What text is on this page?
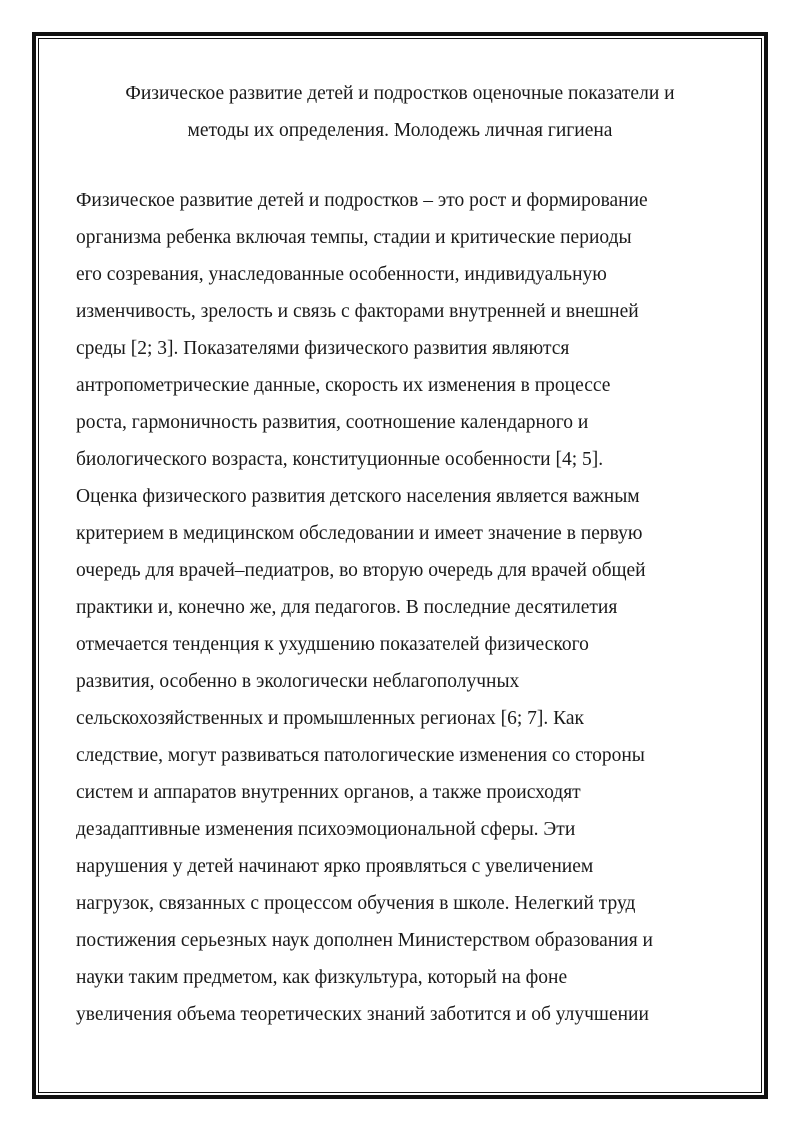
Физическое развитие детей и подростков оценочные показатели и
методы их определения. Молодежь личная гигиена
Физическое развитие детей и подростков – это рост и формирование
организма ребенка включая темпы, стадии и критические периоды
его созревания, унаследованные особенности, индивидуальную
изменчивость, зрелость и связь с факторами внутренней и внешней
среды [2; 3]. Показателями физического развития являются
антропометрические данные, скорость их изменения в процессе
роста, гармоничность развития, соотношение календарного и
биологического возраста, конституционные особенности [4; 5].
Оценка физического развития детского населения является важным
критерием в медицинском обследовании и имеет значение в первую
очередь для врачей–педиатров, во вторую очередь для врачей общей
практики и, конечно же, для педагогов. В последние десятилетия
отмечается тенденция к ухудшению показателей физического
развития, особенно в экологически неблагополучных
сельскохозяйственных и промышленных регионах [6; 7]. Как
следствие, могут развиваться патологические изменения со стороны
систем и аппаратов внутренних органов, а также происходят
дезадаптивные изменения психоэмоциональной сферы. Эти
нарушения у детей начинают ярко проявляться с увеличением
нагрузок, связанных с процессом обучения в школе. Нелегкий труд
постижения серьезных наук дополнен Министерством образования и
науки таким предметом, как физкультура, который на фоне
увеличения объема теоретических знаний заботится и об улучшении
